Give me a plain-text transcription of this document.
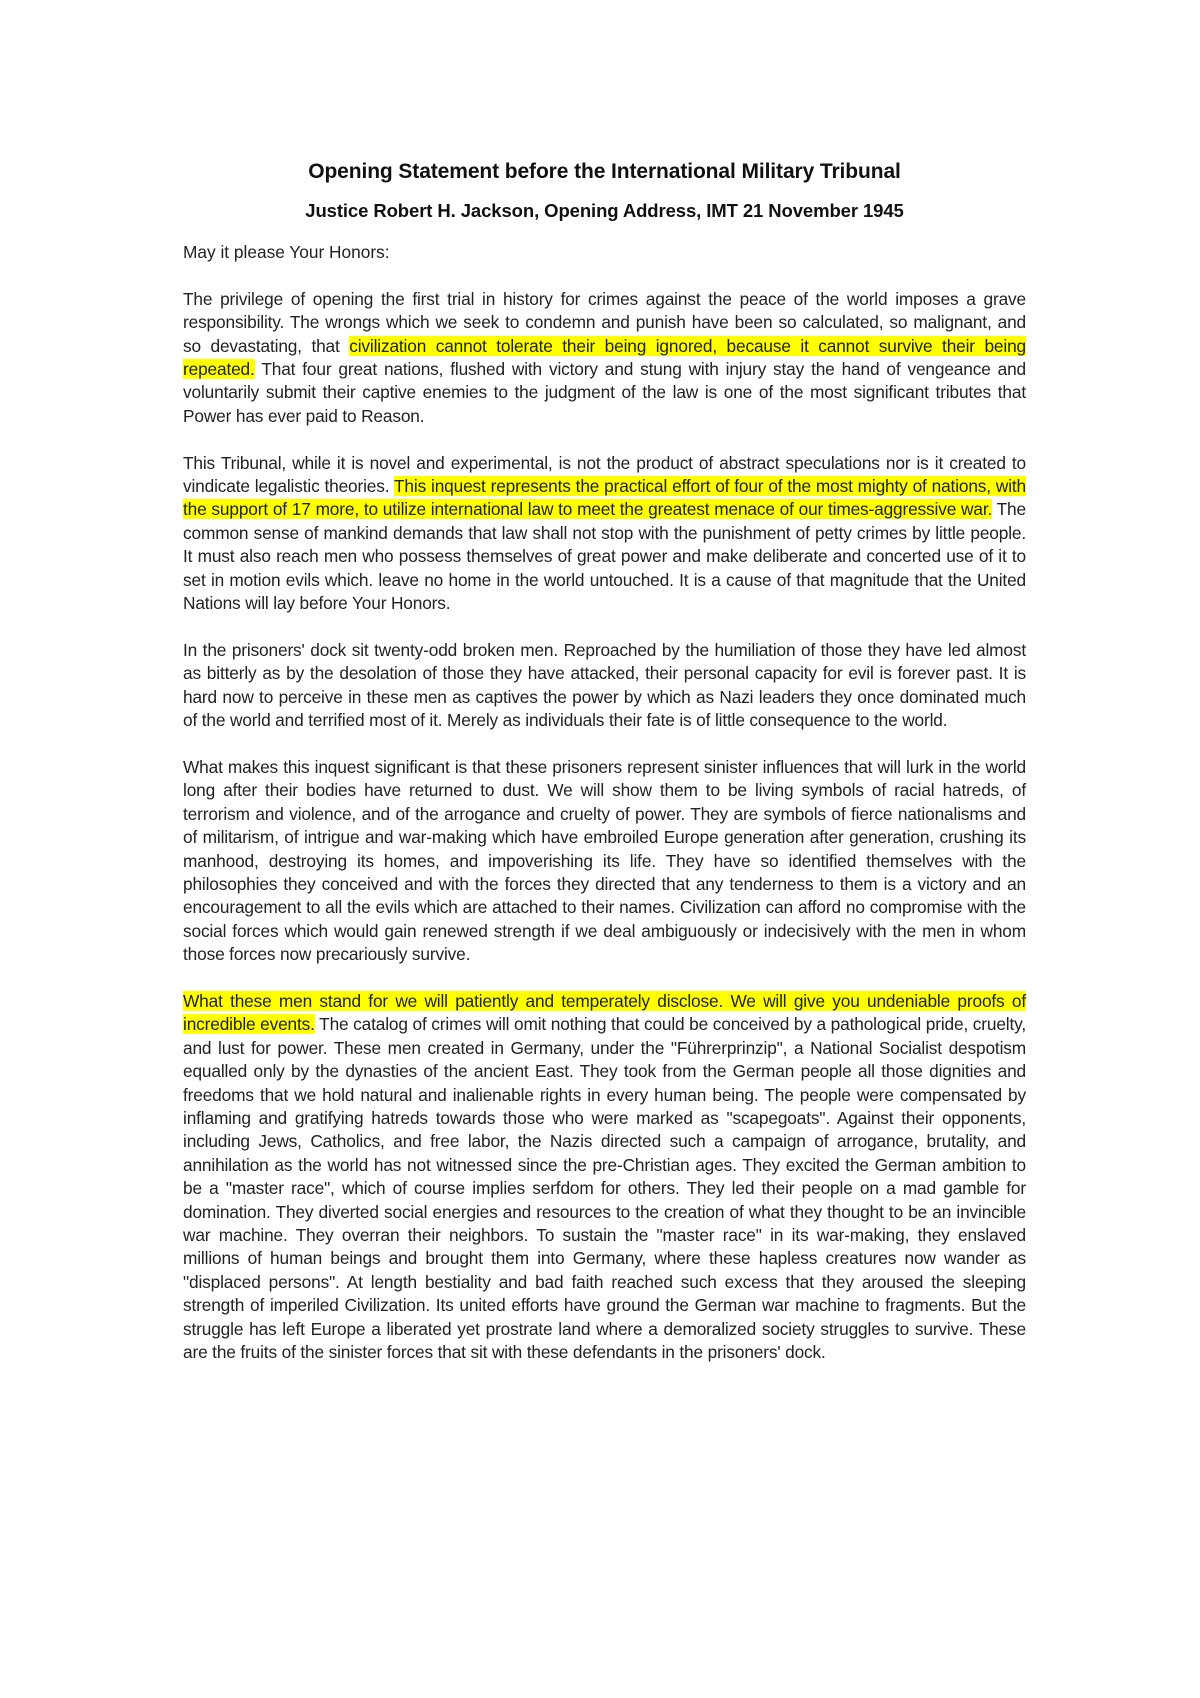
Opening Statement before the International Military Tribunal
Justice Robert H. Jackson, Opening Address, IMT 21 November 1945

May it please Your Honors:

The privilege of opening the first trial in history for crimes against the peace of the world imposes a grave responsibility. The wrongs which we seek to condemn and punish have been so calculated, so malignant, and so devastating, that civilization cannot tolerate their being ignored, because it cannot survive their being repeated. That four great nations, flushed with victory and stung with injury stay the hand of vengeance and voluntarily submit their captive enemies to the judgment of the law is one of the most significant tributes that Power has ever paid to Reason.

This Tribunal, while it is novel and experimental, is not the product of abstract speculations nor is it created to vindicate legalistic theories. This inquest represents the practical effort of four of the most mighty of nations, with the support of 17 more, to utilize international law to meet the greatest menace of our times-aggressive war. The common sense of mankind demands that law shall not stop with the punishment of petty crimes by little people. It must also reach men who possess themselves of great power and make deliberate and concerted use of it to set in motion evils which. leave no home in the world untouched. It is a cause of that magnitude that the United Nations will lay before Your Honors.

In the prisoners' dock sit twenty-odd broken men. Reproached by the humiliation of those they have led almost as bitterly as by the desolation of those they have attacked, their personal capacity for evil is forever past. It is hard now to perceive in these men as captives the power by which as Nazi leaders they once dominated much of the world and terrified most of it. Merely as individuals their fate is of little consequence to the world.

What makes this inquest significant is that these prisoners represent sinister influences that will lurk in the world long after their bodies have returned to dust. We will show them to be living symbols of racial hatreds, of terrorism and violence, and of the arrogance and cruelty of power. They are symbols of fierce nationalisms and of militarism, of intrigue and war-making which have embroiled Europe generation after generation, crushing its manhood, destroying its homes, and impoverishing its life. They have so identified themselves with the philosophies they conceived and with the forces they directed that any tenderness to them is a victory and an encouragement to all the evils which are attached to their names. Civilization can afford no compromise with the social forces which would gain renewed strength if we deal ambiguously or indecisively with the men in whom those forces now precariously survive.

What these men stand for we will patiently and temperately disclose. We will give you undeniable proofs of incredible events. The catalog of crimes will omit nothing that could be conceived by a pathological pride, cruelty, and lust for power. These men created in Germany, under the "Führerprinzip", a National Socialist despotism equalled only by the dynasties of the ancient East. They took from the German people all those dignities and freedoms that we hold natural and inalienable rights in every human being. The people were compensated by inflaming and gratifying hatreds towards those who were marked as "scapegoats". Against their opponents, including Jews, Catholics, and free labor, the Nazis directed such a campaign of arrogance, brutality, and annihilation as the world has not witnessed since the pre-Christian ages. They excited the German ambition to be a "master race", which of course implies serfdom for others. They led their people on a mad gamble for domination. They diverted social energies and resources to the creation of what they thought to be an invincible war machine. They overran their neighbors. To sustain the "master race" in its war-making, they enslaved millions of human beings and brought them into Germany, where these hapless creatures now wander as "displaced persons". At length bestiality and bad faith reached such excess that they aroused the sleeping strength of imperiled Civilization. Its united efforts have ground the German war machine to fragments. But the struggle has left Europe a liberated yet prostrate land where a demoralized society struggles to survive. These are the fruits of the sinister forces that sit with these defendants in the prisoners' dock.
